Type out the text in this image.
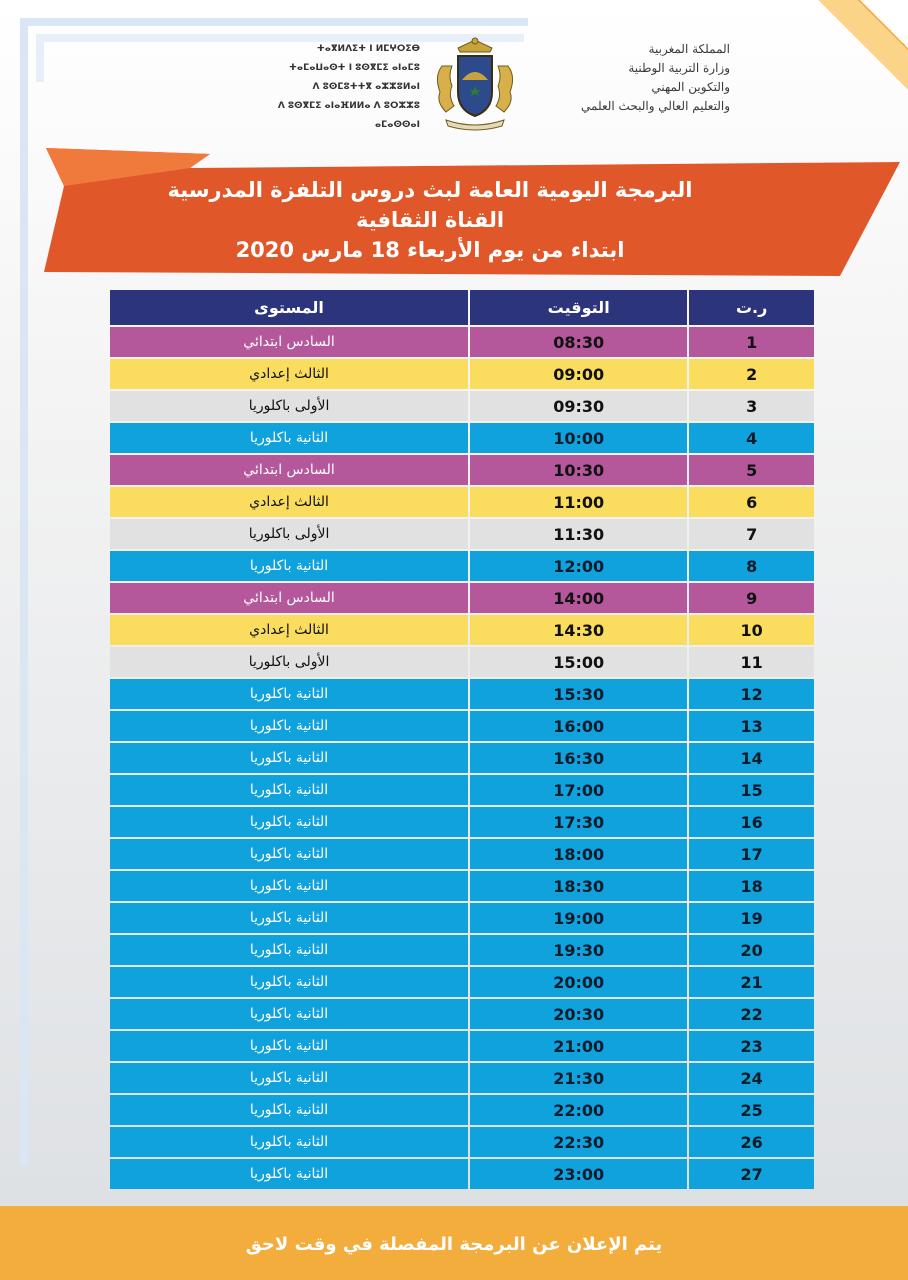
ⵜⴰⴳⵍⴷⵉⵜ ⵏ ⵍⵎⵖⵔⵉⴱ
ⵜⴰⵎⴰⵡⴰⵙⵜ ⵏ ⵓⵙⴳⵎⵉ ⴰⵏⴰⵎⵓ
ⴷ ⵓⵙⵎⵓⵜⵜⴳ ⴰⵣⵣⵓⵍⴰⵏ
ⴷ ⵓⵙⴳⵎⵉ ⴰⵏⴰⴼⵍⵍⴰ ⴷ ⵓⵔⵣⵣⵓ ⴰⵎⴰⵙⵙⴰⵏ
المملكة المغربية
وزارة التربية الوطنية
والتكوين المهني
والتعليم العالي والبحث العلمي
البرمجة اليومية العامة لبث دروس التلفزة المدرسية
القناة الثقافية
ابتداء من يوم الأربعاء 18 مارس 2020
ر.ت	التوقيت	المستوى
1	08:30	السادس ابتدائي
2	09:00	الثالث إعدادي
3	09:30	الأولى باكلوريا
4	10:00	الثانية باكلوريا
5	10:30	السادس ابتدائي
6	11:00	الثالث إعدادي
7	11:30	الأولى باكلوريا
8	12:00	الثانية باكلوريا
9	14:00	السادس ابتدائي
10	14:30	الثالث إعدادي
11	15:00	الأولى باكلوريا
12	15:30	الثانية باكلوريا
13	16:00	الثانية باكلوريا
14	16:30	الثانية باكلوريا
15	17:00	الثانية باكلوريا
16	17:30	الثانية باكلوريا
17	18:00	الثانية باكلوريا
18	18:30	الثانية باكلوريا
19	19:00	الثانية باكلوريا
20	19:30	الثانية باكلوريا
21	20:00	الثانية باكلوريا
22	20:30	الثانية باكلوريا
23	21:00	الثانية باكلوريا
24	21:30	الثانية باكلوريا
25	22:00	الثانية باكلوريا
26	22:30	الثانية باكلوريا
27	23:00	الثانية باكلوريا
يتم الإعلان عن البرمجة المفصلة في وقت لاحق
